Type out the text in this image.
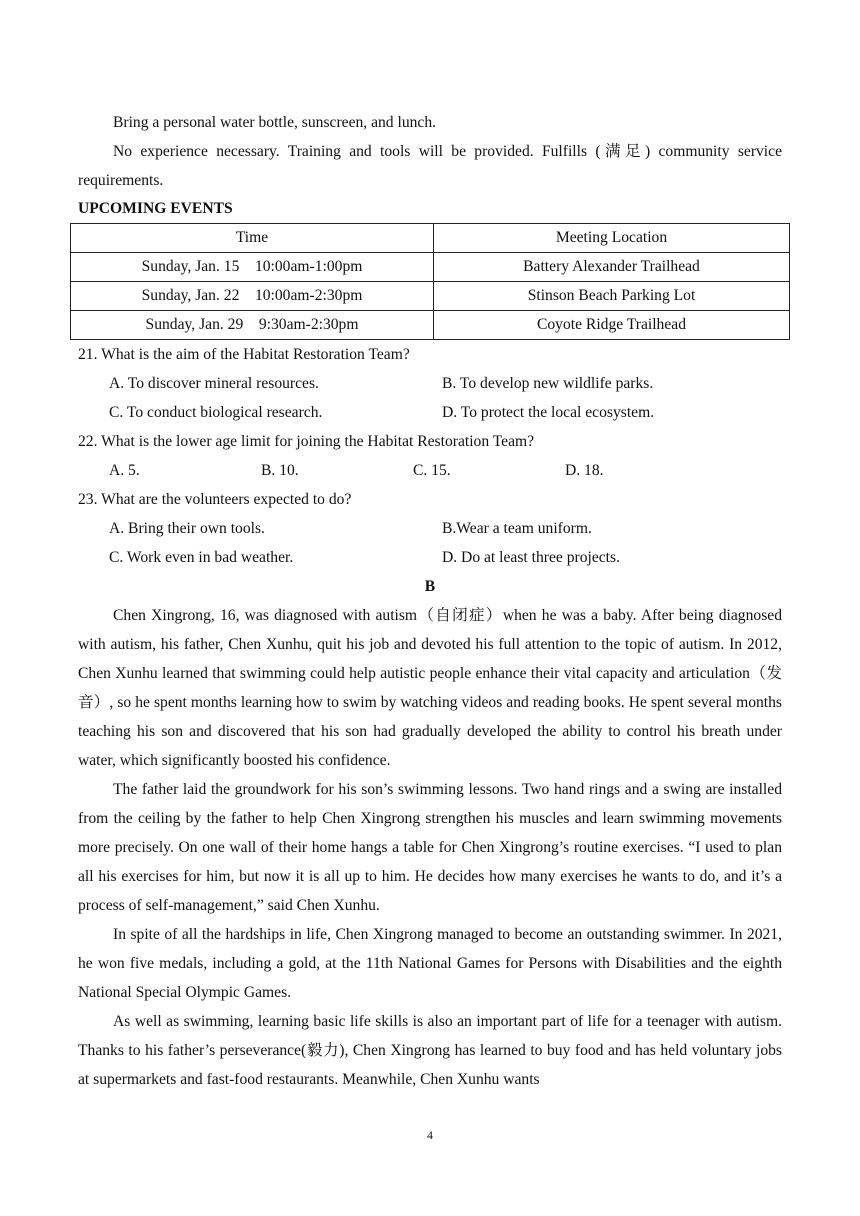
Bring a personal water bottle, sunscreen, and lunch.

No experience necessary. Training and tools will be provided. Fulfills (满足) community service requirements.

UPCOMING EVENTS

Time	Meeting Location
Sunday, Jan. 15    10:00am-1:00pm	Battery Alexander Trailhead
Sunday, Jan. 22    10:00am-2:30pm	Stinson Beach Parking Lot
Sunday, Jan. 29    9:30am-2:30pm	Coyote Ridge Trailhead

21. What is the aim of the Habitat Restoration Team?

A. To discover mineral resources.	B. To develop new wildlife parks.
C. To conduct biological research.	D. To protect the local ecosystem.

22. What is the lower age limit for joining the Habitat Restoration Team?

A. 5.	B. 10.	C. 15.	D. 18.

23. What are the volunteers expected to do?

A. Bring their own tools.	B.Wear a team uniform.
C. Work even in bad weather.	D. Do at least three projects.

B

Chen Xingrong, 16, was diagnosed with autism（自闭症）when he was a baby. After being diagnosed with autism, his father, Chen Xunhu, quit his job and devoted his full attention to the topic of autism. In 2012, Chen Xunhu learned that swimming could help autistic people enhance their vital capacity and articulation（发音）, so he spent months learning how to swim by watching videos and reading books. He spent several months teaching his son and discovered that his son had gradually developed the ability to control his breath under water, which significantly boosted his confidence.

The father laid the groundwork for his son’s swimming lessons. Two hand rings and a swing are installed from the ceiling by the father to help Chen Xingrong strengthen his muscles and learn swimming movements more precisely. On one wall of their home hangs a table for Chen Xingrong’s routine exercises. “I used to plan all his exercises for him, but now it is all up to him. He decides how many exercises he wants to do, and it’s a process of self-management,” said Chen Xunhu.

In spite of all the hardships in life, Chen Xingrong managed to become an outstanding swimmer. In 2021, he won five medals, including a gold, at the 11th National Games for Persons with Disabilities and the eighth National Special Olympic Games.

As well as swimming, learning basic life skills is also an important part of life for a teenager with autism. Thanks to his father’s perseverance(毅力), Chen Xingrong has learned to buy food and has held voluntary jobs at supermarkets and fast-food restaurants. Meanwhile, Chen Xunhu wants

4
